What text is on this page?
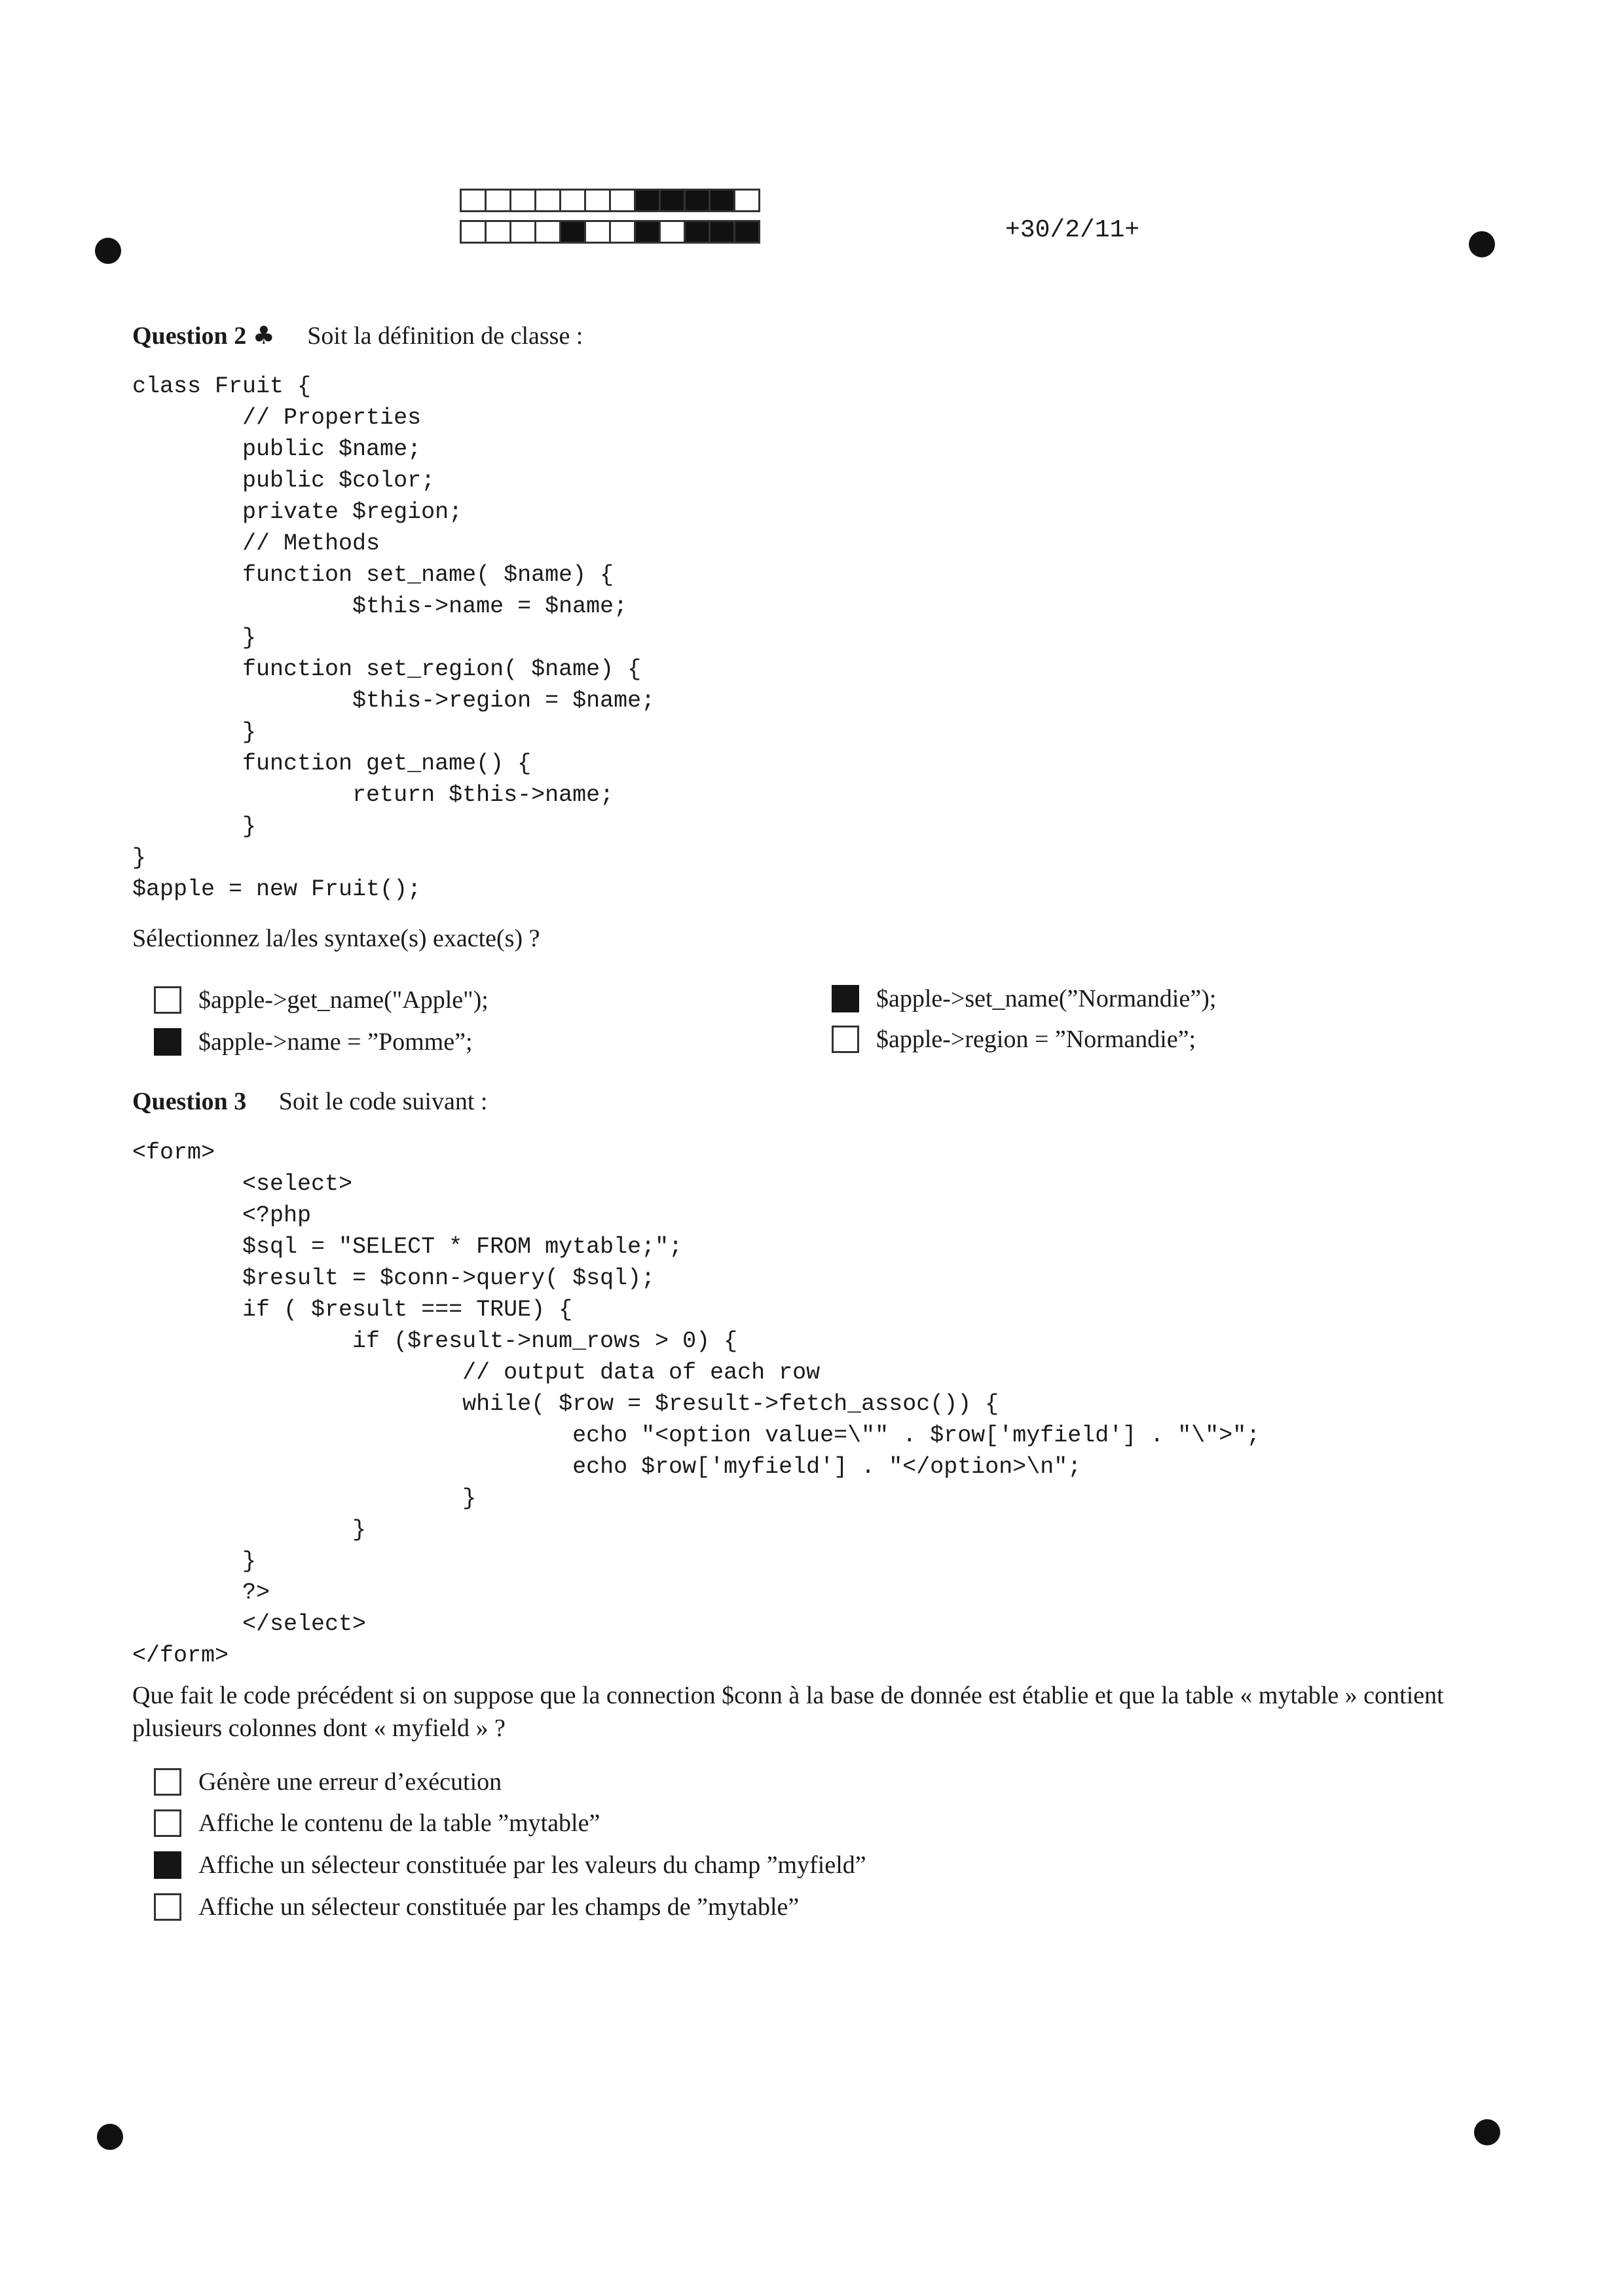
+30/2/11+
Question 2 ♣ Soit la définition de classe :
class Fruit {
// Properties
public $name;
public $color;
private $region;
// Methods
function set_name( $name) {
$this->name = $name;
}
function set_region( $name) {
$this->region = $name;
}
function get_name() {
return $this->name;
}
}
$apple = new Fruit();
Sélectionnez la/les syntaxe(s) exacte(s) ?
$apple->get_name("Apple");	$apple->set_name(”Normandie”);
$apple->name = ”Pomme”;	$apple->region = ”Normandie”;
Question 3 Soit le code suivant :
<form>
<select>
<?php
$sql = "SELECT * FROM mytable;";
$result = $conn->query( $sql);
if ( $result === TRUE) {
if ($result->num_rows > 0) {
// output data of each row
while( $row = $result->fetch_assoc()) {
echo "<option value=\"" . $row['myfield'] . "\">";
echo $row['myfield'] . "</option>\n";
}
}
}
?>
</select>
</form>
Que fait le code précédent si on suppose que la connection $conn à la base de donnée est établie et que la table « mytable » contient plusieurs colonnes dont « myfield » ?
Génère une erreur d’exécution
Affiche le contenu de la table ”mytable”
Affiche un sélecteur constituée par les valeurs du champ ”myfield”
Affiche un sélecteur constituée par les champs de ”mytable”
